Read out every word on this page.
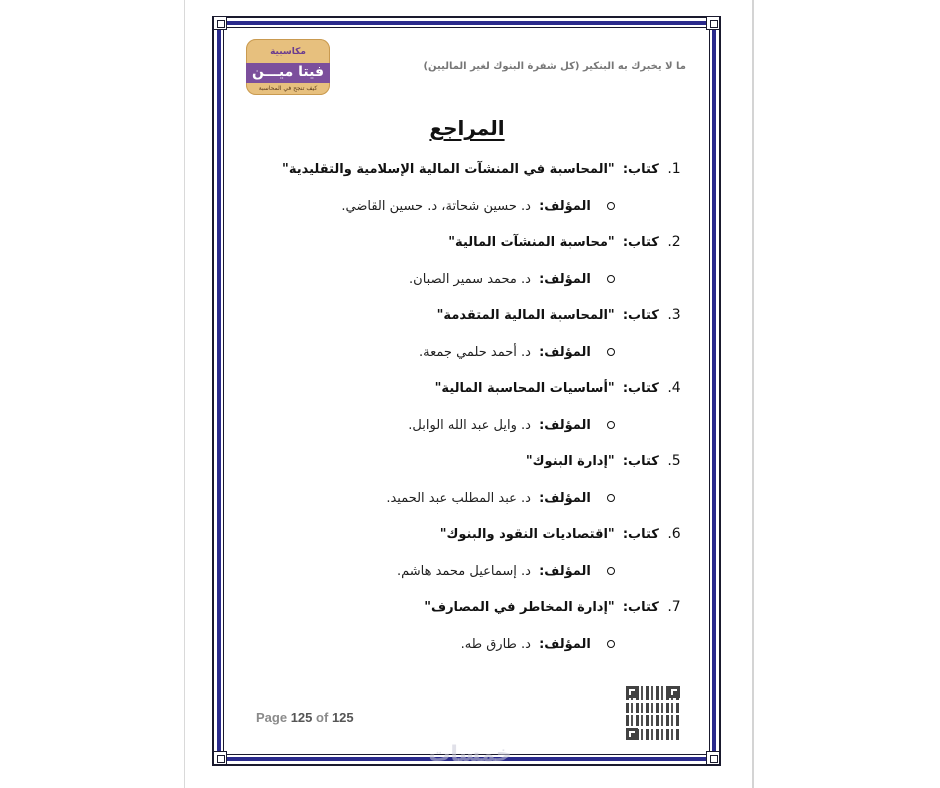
مكاسبية
فيتا ميـــن
كيف تنجح في المحاسبة
ما لا يخبرك به البنكير (كل شفرة البنوك لغير الماليين)
المراجع
1. كتاب: "المحاسبة في المنشآت المالية الإسلامية والتقليدية"
المؤلف: د. حسين شحاتة، د. حسين القاضي.
2. كتاب: "محاسبة المنشآت المالية"
المؤلف: د. محمد سمير الصبان.
3. كتاب: "المحاسبة المالية المتقدمة"
المؤلف: د. أحمد حلمي جمعة.
4. كتاب: "أساسيات المحاسبة المالية"
المؤلف: د. وايل عبد الله الوابل.
5. كتاب: "إدارة البنوك"
المؤلف: د. عبد المطلب عبد الحميد.
6. كتاب: "اقتصاديات النقود والبنوك"
المؤلف: د. إسماعيل محمد هاشم.
7. كتاب: "إدارة المخاطر في المصارف"
المؤلف: د. طارق طه.
Page 125 of 125
خمسات
